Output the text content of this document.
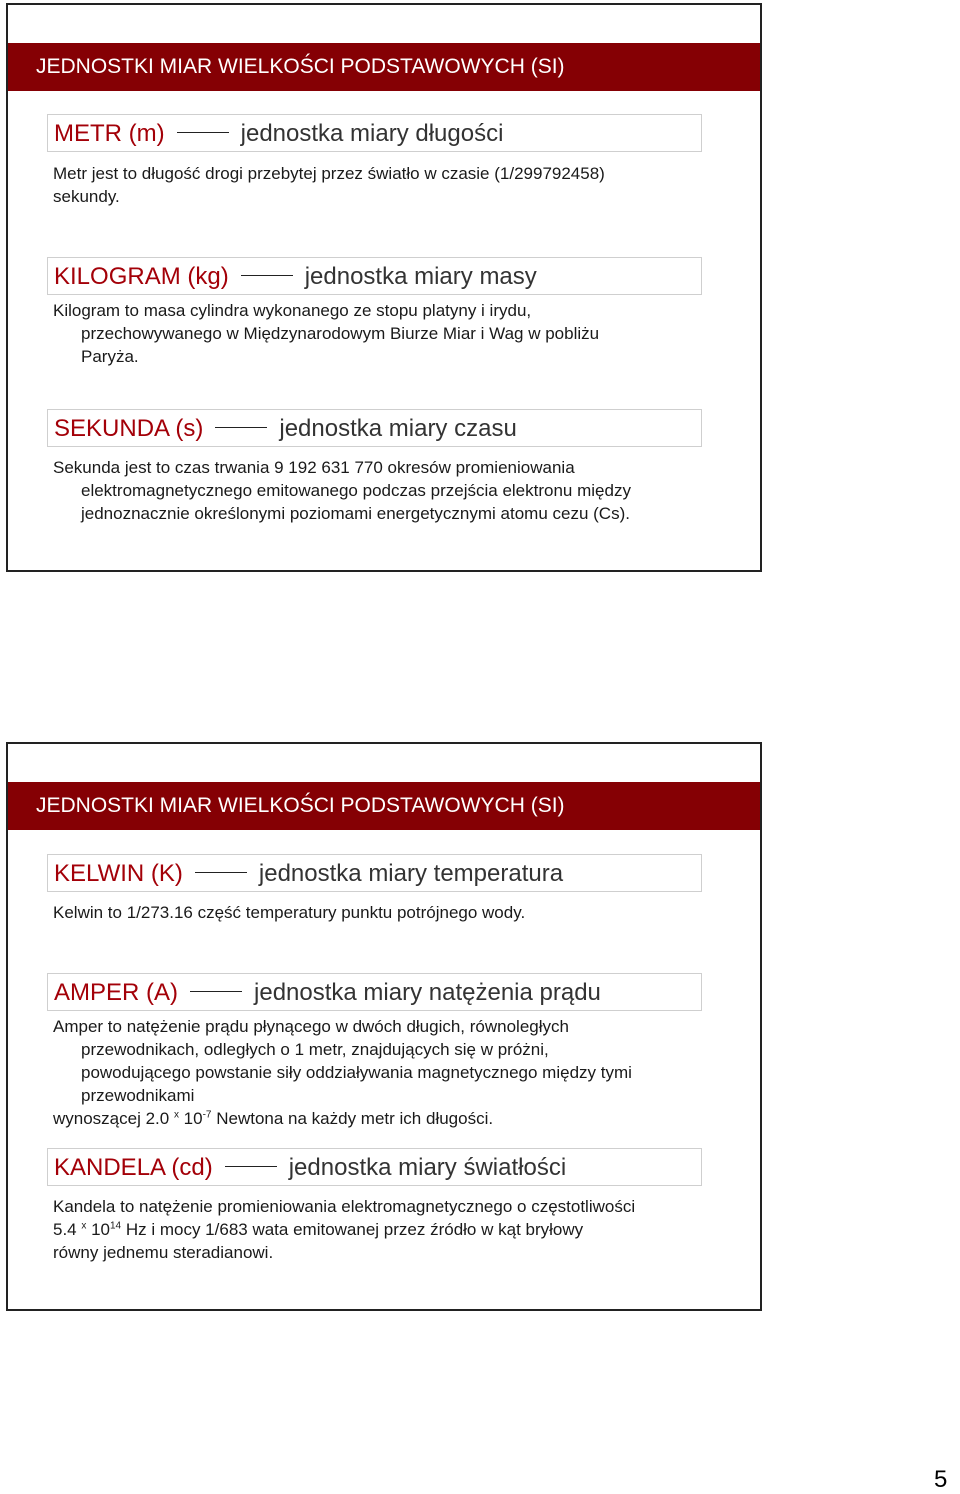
JEDNOSTKI MIAR WIELKOŚCI PODSTAWOWYCH (SI)
METR (m)	jednostka miary długości
Metr jest to długość drogi przebytej przez światło w czasie (1/299792458)
sekundy.
KILOGRAM (kg)	jednostka miary masy
Kilogram to masa cylindra wykonanego ze stopu platyny i irydu,
przechowywanego w Międzynarodowym Biurze Miar i Wag w pobliżu
Paryża.
SEKUNDA (s)	jednostka miary czasu
Sekunda jest to czas trwania 9 192 631 770 okresów promieniowania
elektromagnetycznego emitowanego podczas przejścia elektronu między
jednoznacznie określonymi poziomami energetycznymi atomu cezu (Cs).
JEDNOSTKI MIAR WIELKOŚCI PODSTAWOWYCH (SI)
KELWIN (K)	jednostka miary temperatura
Kelwin to 1/273.16 część temperatury punktu potrójnego wody.
AMPER (A)	jednostka miary natężenia prądu
Amper to natężenie prądu płynącego w dwóch długich, równoległych
przewodnikach, odległych o 1 metr, znajdujących się w próżni,
powodującego powstanie siły oddziaływania magnetycznego między tymi
przewodnikami
wynoszącej 2.0 $^x$ $10^{-7}$ Newtona na każdy metr ich długości.
KANDELA (cd)	jednostka miary światłości
Kandela to natężenie promieniowania elektromagnetycznego o częstotliwości
5.4 $^x$ $10^{14}$ Hz i mocy 1/683 wata emitowanej przez źródło w kąt bryłowy
równy jednemu steradianowi.
5
